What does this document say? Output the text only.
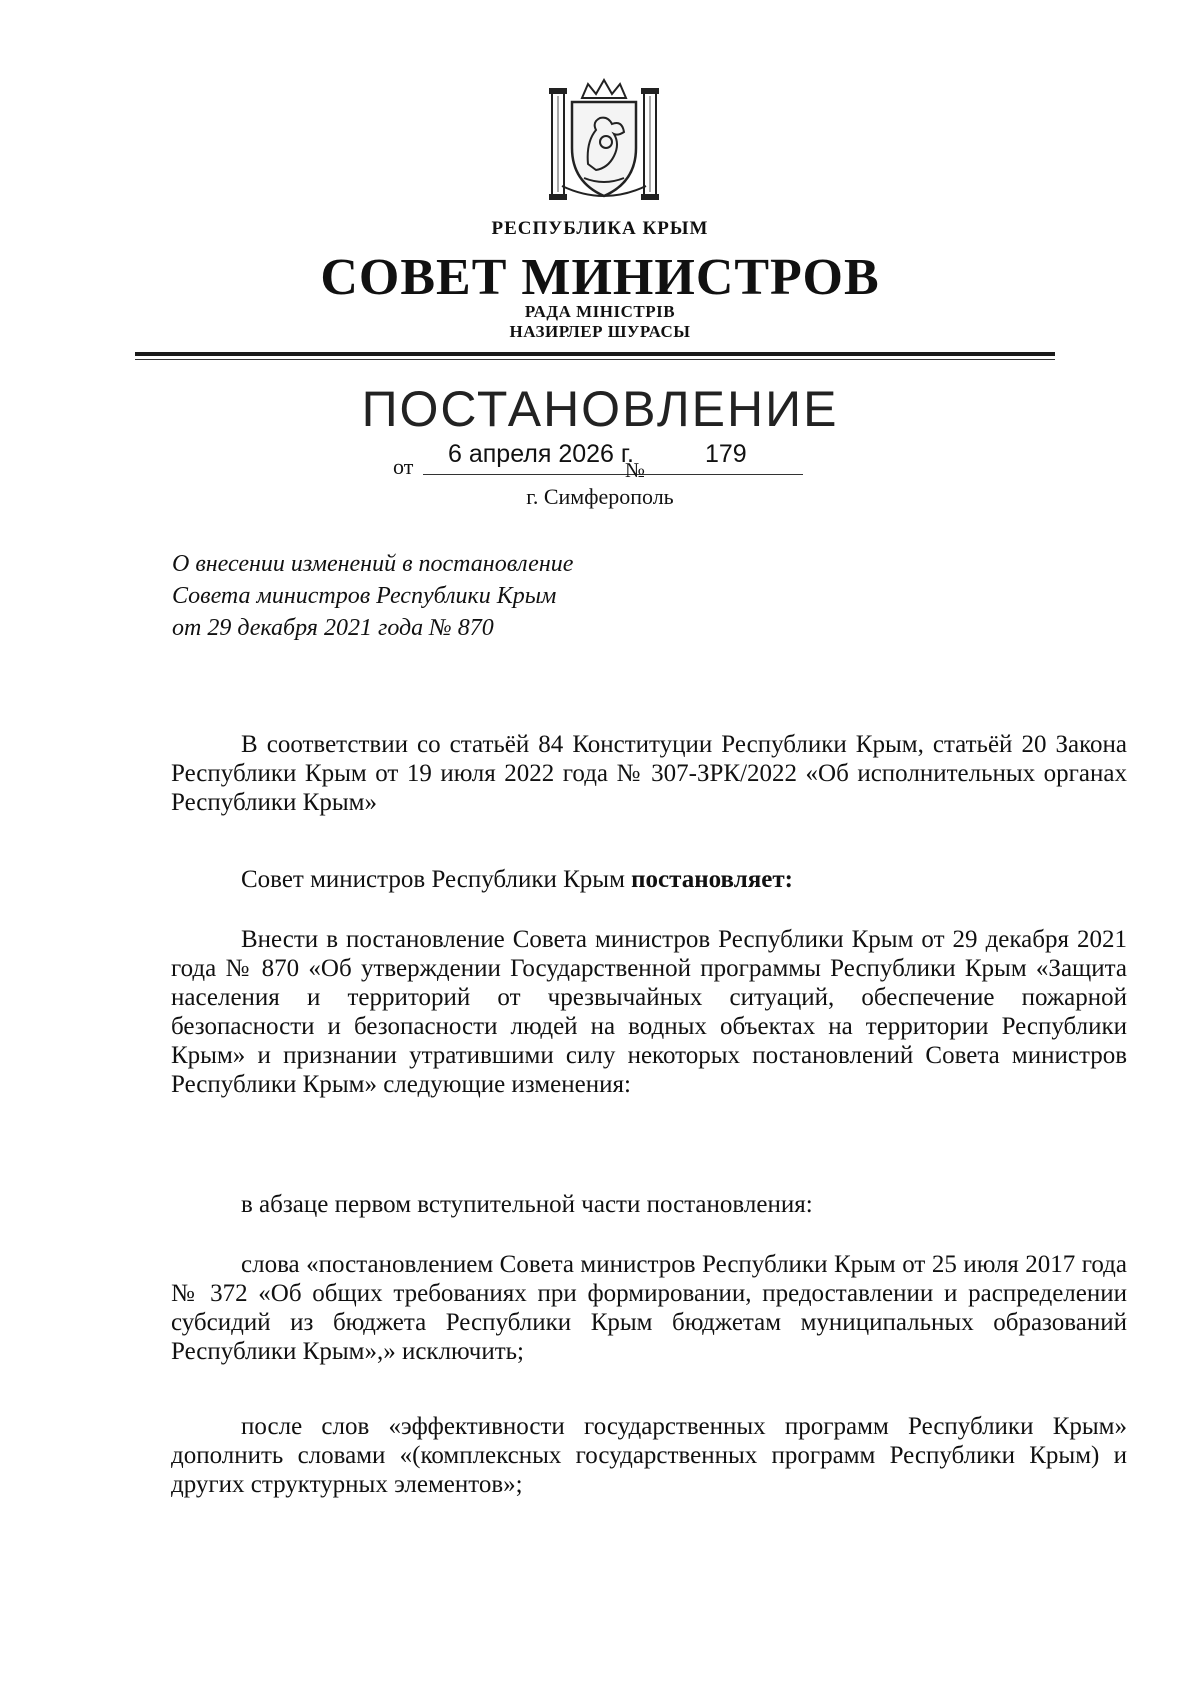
РЕСПУБЛИКА КРЫМ
СОВЕТ МИНИСТРОВ
РАДА МІНІСТРІВ
НАЗИРЛЕР ШУРАСЫ
ПОСТАНОВЛЕНИЕ
от 6 апреля 2026 г.
№
179
г. Симферополь
О внесении изменений в постановление
Совета министров Республики Крым
от 29 декабря 2021 года № 870
В соответствии со статьёй 84 Конституции Республики Крым, статьёй 20 Закона Республики Крым от 19 июля 2022 года № 307-ЗРК/2022 «Об исполнительных органах Республики Крым»
Совет министров Республики Крым постановляет:
Внести в постановление Совета министров Республики Крым от 29 декабря 2021 года № 870 «Об утверждении Государственной программы Республики Крым «Защита населения и территорий от чрезвычайных ситуаций, обеспечение пожарной безопасности и безопасности людей на водных объектах на территории Республики Крым» и признании утратившими силу некоторых постановлений Совета министров Республики Крым» следующие изменения:
в абзаце первом вступительной части постановления:
слова «постановлением Совета министров Республики Крым от 25 июля 2017 года № 372 «Об общих требованиях при формировании, предоставлении и распределении субсидий из бюджета Республики Крым бюджетам муниципальных образований Республики Крым»,» исключить;
после слов «эффективности государственных программ Республики Крым» дополнить словами «(комплексных государственных программ Республики Крым) и других структурных элементов»;
